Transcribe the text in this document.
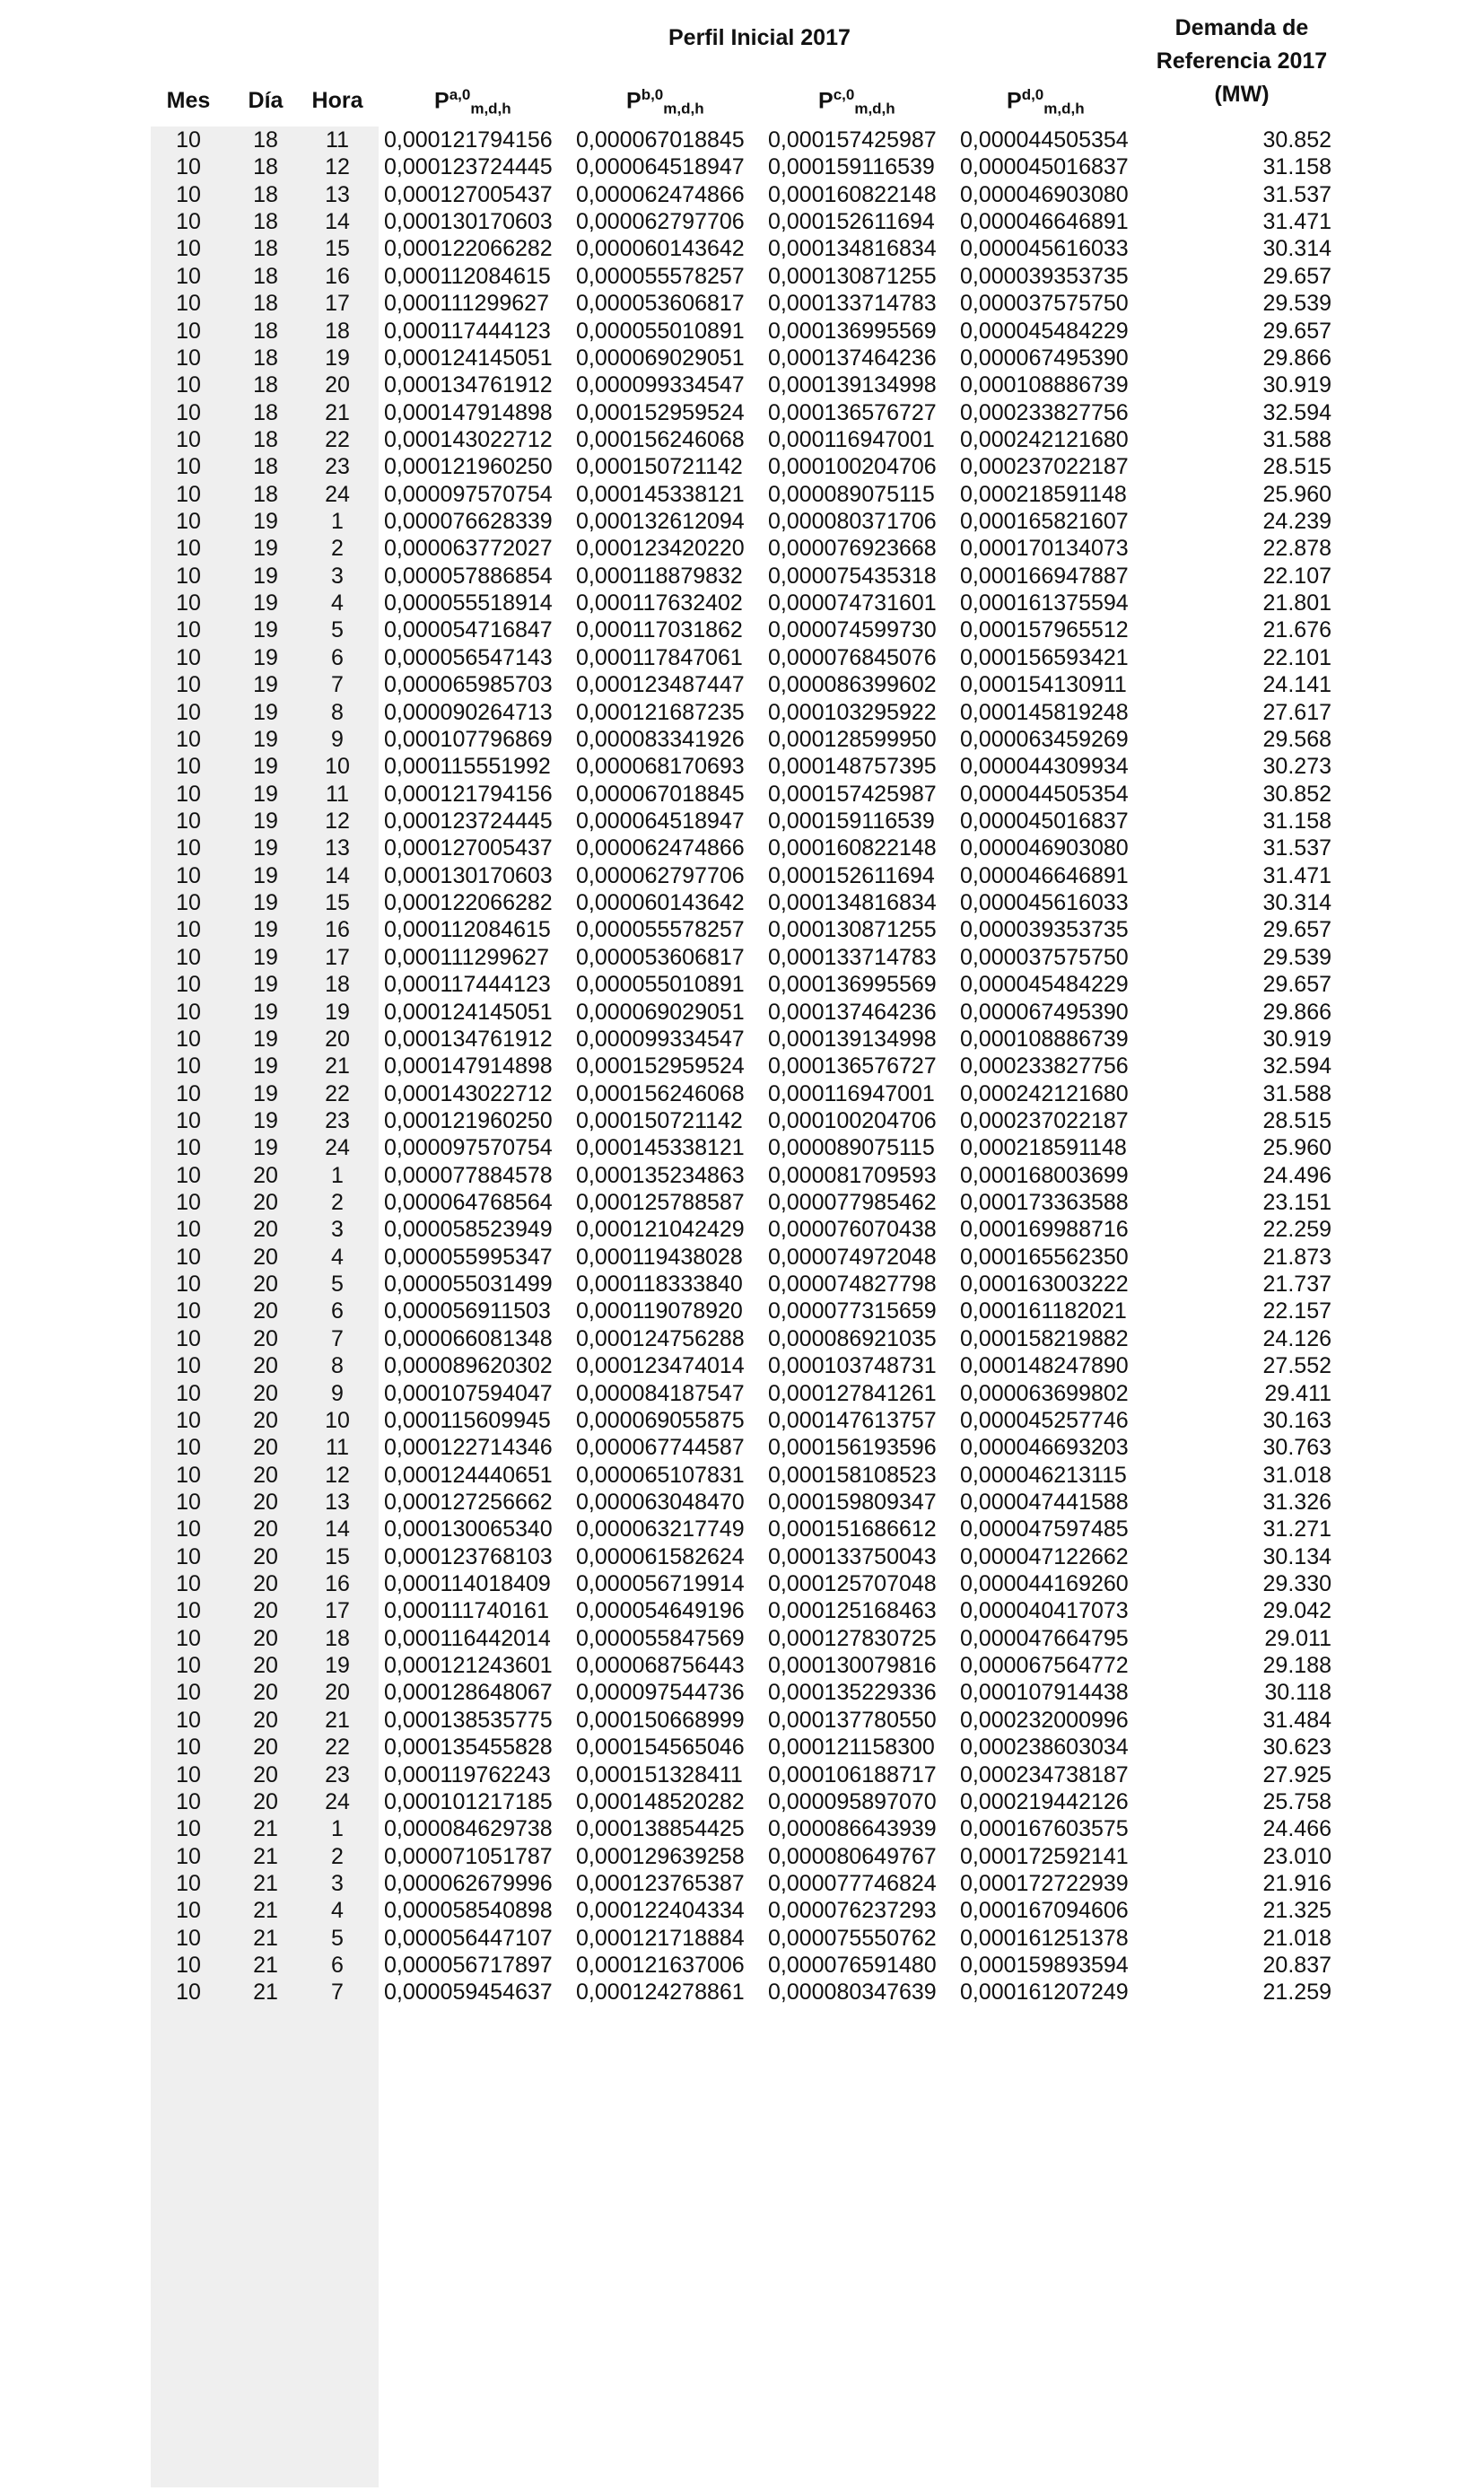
Perfil Inicial 2017	Demanda de
Referencia 2017
(MW)
Mes	Día	Hora	P$^{a,0}_{m,d,h}$	P$^{b,0}_{m,d,h}$	P$^{c,0}_{m,d,h}$	P$^{d,0}_{m,d,h}$
10	18	11	0,000121794156	0,000067018845	0,000157425987	0,000044505354	30.852
10	18	12	0,000123724445	0,000064518947	0,000159116539	0,000045016837	31.158
10	18	13	0,000127005437	0,000062474866	0,000160822148	0,000046903080	31.537
10	18	14	0,000130170603	0,000062797706	0,000152611694	0,000046646891	31.471
10	18	15	0,000122066282	0,000060143642	0,000134816834	0,000045616033	30.314
10	18	16	0,000112084615	0,000055578257	0,000130871255	0,000039353735	29.657
10	18	17	0,000111299627	0,000053606817	0,000133714783	0,000037575750	29.539
10	18	18	0,000117444123	0,000055010891	0,000136995569	0,000045484229	29.657
10	18	19	0,000124145051	0,000069029051	0,000137464236	0,000067495390	29.866
10	18	20	0,000134761912	0,000099334547	0,000139134998	0,000108886739	30.919
10	18	21	0,000147914898	0,000152959524	0,000136576727	0,000233827756	32.594
10	18	22	0,000143022712	0,000156246068	0,000116947001	0,000242121680	31.588
10	18	23	0,000121960250	0,000150721142	0,000100204706	0,000237022187	28.515
10	18	24	0,000097570754	0,000145338121	0,000089075115	0,000218591148	25.960
10	19	1	0,000076628339	0,000132612094	0,000080371706	0,000165821607	24.239
10	19	2	0,000063772027	0,000123420220	0,000076923668	0,000170134073	22.878
10	19	3	0,000057886854	0,000118879832	0,000075435318	0,000166947887	22.107
10	19	4	0,000055518914	0,000117632402	0,000074731601	0,000161375594	21.801
10	19	5	0,000054716847	0,000117031862	0,000074599730	0,000157965512	21.676
10	19	6	0,000056547143	0,000117847061	0,000076845076	0,000156593421	22.101
10	19	7	0,000065985703	0,000123487447	0,000086399602	0,000154130911	24.141
10	19	8	0,000090264713	0,000121687235	0,000103295922	0,000145819248	27.617
10	19	9	0,000107796869	0,000083341926	0,000128599950	0,000063459269	29.568
10	19	10	0,000115551992	0,000068170693	0,000148757395	0,000044309934	30.273
10	19	11	0,000121794156	0,000067018845	0,000157425987	0,000044505354	30.852
10	19	12	0,000123724445	0,000064518947	0,000159116539	0,000045016837	31.158
10	19	13	0,000127005437	0,000062474866	0,000160822148	0,000046903080	31.537
10	19	14	0,000130170603	0,000062797706	0,000152611694	0,000046646891	31.471
10	19	15	0,000122066282	0,000060143642	0,000134816834	0,000045616033	30.314
10	19	16	0,000112084615	0,000055578257	0,000130871255	0,000039353735	29.657
10	19	17	0,000111299627	0,000053606817	0,000133714783	0,000037575750	29.539
10	19	18	0,000117444123	0,000055010891	0,000136995569	0,000045484229	29.657
10	19	19	0,000124145051	0,000069029051	0,000137464236	0,000067495390	29.866
10	19	20	0,000134761912	0,000099334547	0,000139134998	0,000108886739	30.919
10	19	21	0,000147914898	0,000152959524	0,000136576727	0,000233827756	32.594
10	19	22	0,000143022712	0,000156246068	0,000116947001	0,000242121680	31.588
10	19	23	0,000121960250	0,000150721142	0,000100204706	0,000237022187	28.515
10	19	24	0,000097570754	0,000145338121	0,000089075115	0,000218591148	25.960
10	20	1	0,000077884578	0,000135234863	0,000081709593	0,000168003699	24.496
10	20	2	0,000064768564	0,000125788587	0,000077985462	0,000173363588	23.151
10	20	3	0,000058523949	0,000121042429	0,000076070438	0,000169988716	22.259
10	20	4	0,000055995347	0,000119438028	0,000074972048	0,000165562350	21.873
10	20	5	0,000055031499	0,000118333840	0,000074827798	0,000163003222	21.737
10	20	6	0,000056911503	0,000119078920	0,000077315659	0,000161182021	22.157
10	20	7	0,000066081348	0,000124756288	0,000086921035	0,000158219882	24.126
10	20	8	0,000089620302	0,000123474014	0,000103748731	0,000148247890	27.552
10	20	9	0,000107594047	0,000084187547	0,000127841261	0,000063699802	29.411
10	20	10	0,000115609945	0,000069055875	0,000147613757	0,000045257746	30.163
10	20	11	0,000122714346	0,000067744587	0,000156193596	0,000046693203	30.763
10	20	12	0,000124440651	0,000065107831	0,000158108523	0,000046213115	31.018
10	20	13	0,000127256662	0,000063048470	0,000159809347	0,000047441588	31.326
10	20	14	0,000130065340	0,000063217749	0,000151686612	0,000047597485	31.271
10	20	15	0,000123768103	0,000061582624	0,000133750043	0,000047122662	30.134
10	20	16	0,000114018409	0,000056719914	0,000125707048	0,000044169260	29.330
10	20	17	0,000111740161	0,000054649196	0,000125168463	0,000040417073	29.042
10	20	18	0,000116442014	0,000055847569	0,000127830725	0,000047664795	29.011
10	20	19	0,000121243601	0,000068756443	0,000130079816	0,000067564772	29.188
10	20	20	0,000128648067	0,000097544736	0,000135229336	0,000107914438	30.118
10	20	21	0,000138535775	0,000150668999	0,000137780550	0,000232000996	31.484
10	20	22	0,000135455828	0,000154565046	0,000121158300	0,000238603034	30.623
10	20	23	0,000119762243	0,000151328411	0,000106188717	0,000234738187	27.925
10	20	24	0,000101217185	0,000148520282	0,000095897070	0,000219442126	25.758
10	21	1	0,000084629738	0,000138854425	0,000086643939	0,000167603575	24.466
10	21	2	0,000071051787	0,000129639258	0,000080649767	0,000172592141	23.010
10	21	3	0,000062679996	0,000123765387	0,000077746824	0,000172722939	21.916
10	21	4	0,000058540898	0,000122404334	0,000076237293	0,000167094606	21.325
10	21	5	0,000056447107	0,000121718884	0,000075550762	0,000161251378	21.018
10	21	6	0,000056717897	0,000121637006	0,000076591480	0,000159893594	20.837
10	21	7	0,000059454637	0,000124278861	0,000080347639	0,000161207249	21.259
